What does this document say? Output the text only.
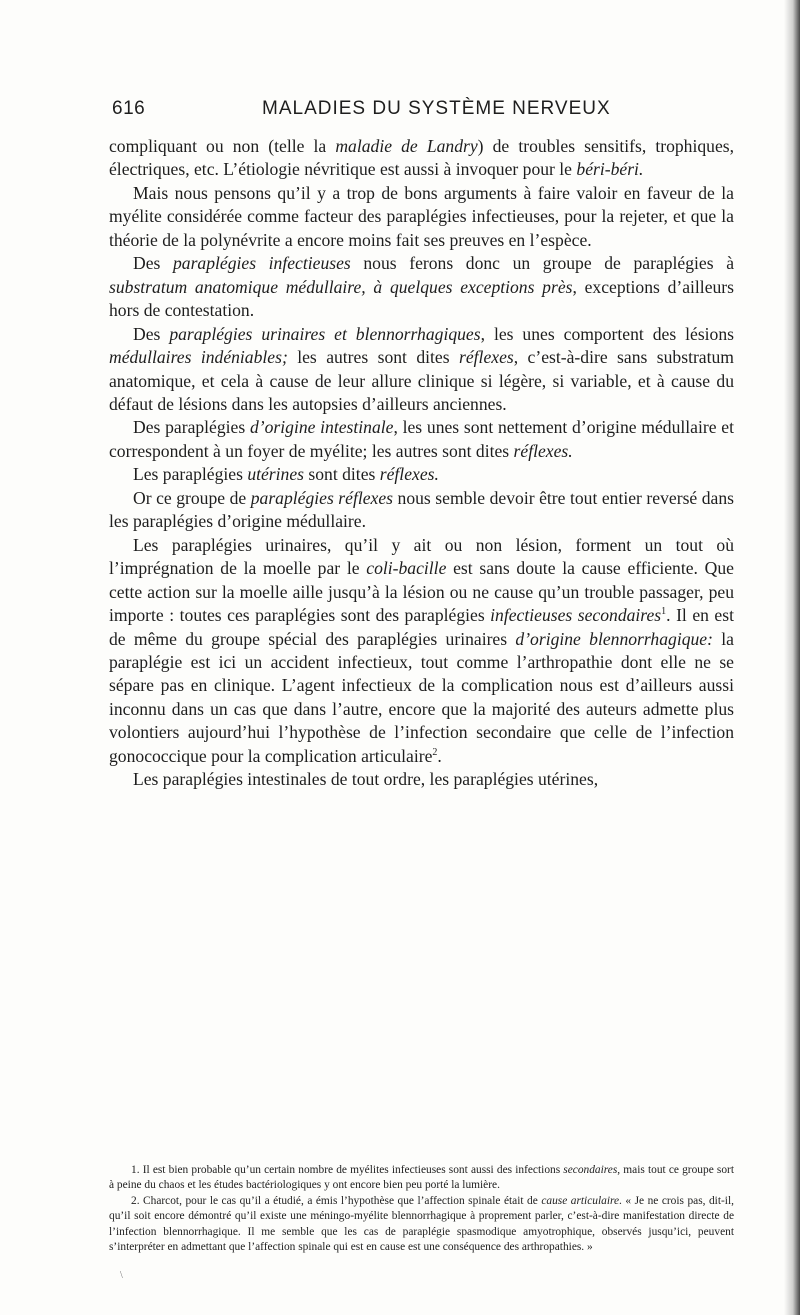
616	MALADIES DU SYSTÈME NERVEUX

compliquant ou non (telle la maladie de Landry) de troubles sensitifs, trophiques, électriques, etc. L’étiologie névritique est aussi à invoquer pour le béri-béri.

Mais nous pensons qu’il y a trop de bons arguments à faire valoir en faveur de la myélite considérée comme facteur des paraplégies infectieuses, pour la rejeter, et que la théorie de la polynévrite a encore moins fait ses preuves en l’espèce.

Des paraplégies infectieuses nous ferons donc un groupe de paraplégies à substratum anatomique médullaire, à quelques exceptions près, exceptions d’ailleurs hors de contestation.

Des paraplégies urinaires et blennorrhagiques, les unes comportent des lésions médullaires indéniables; les autres sont dites réflexes, c’est-à-dire sans substratum anatomique, et cela à cause de leur allure clinique si légère, si variable, et à cause du défaut de lésions dans les autopsies d’ailleurs anciennes.

Des paraplégies d’origine intestinale, les unes sont nettement d’origine médullaire et correspondent à un foyer de myélite; les autres sont dites réflexes.

Les paraplégies utérines sont dites réflexes.

Or ce groupe de paraplégies réflexes nous semble devoir être tout entier reversé dans les paraplégies d’origine médullaire.

Les paraplégies urinaires, qu’il y ait ou non lésion, forment un tout où l’imprégnation de la moelle par le coli-bacille est sans doute la cause efficiente. Que cette action sur la moelle aille jusqu’à la lésion ou ne cause qu’un trouble passager, peu importe : toutes ces paraplégies sont des paraplégies infectieuses secondaires$^1$. Il en est de même du groupe spécial des paraplégies urinaires d’origine blennorrhagique: la paraplégie est ici un accident infectieux, tout comme l’arthropathie dont elle ne se sépare pas en clinique. L’agent infectieux de la complication nous est d’ailleurs aussi inconnu dans un cas que dans l’autre, encore que la majorité des auteurs admette plus volontiers aujourd’hui l’hypothèse de l’infection secondaire que celle de l’infection gonococcique pour la complication articulaire$^2$.

Les paraplégies intestinales de tout ordre, les paraplégies utérines,

1. Il est bien probable qu’un certain nombre de myélites infectieuses sont aussi des infections secondaires, mais tout ce groupe sort à peine du chaos et les études bactériologiques y ont encore bien peu porté la lumière.

2. Charcot, pour le cas qu’il a étudié, a émis l’hypothèse que l’affection spinale était de cause articulaire. « Je ne crois pas, dit-il, qu’il soit encore démontré qu’il existe une méningo-myélite blennorrhagique à proprement parler, c’est-à-dire manifestation directe de l’infection blennorrhagique. Il me semble que les cas de paraplégie spasmodique amyotrophique, observés jusqu’ici, peuvent s’interpréter en admettant que l’affection spinale qui est en cause est une conséquence des arthropathies. »

\
